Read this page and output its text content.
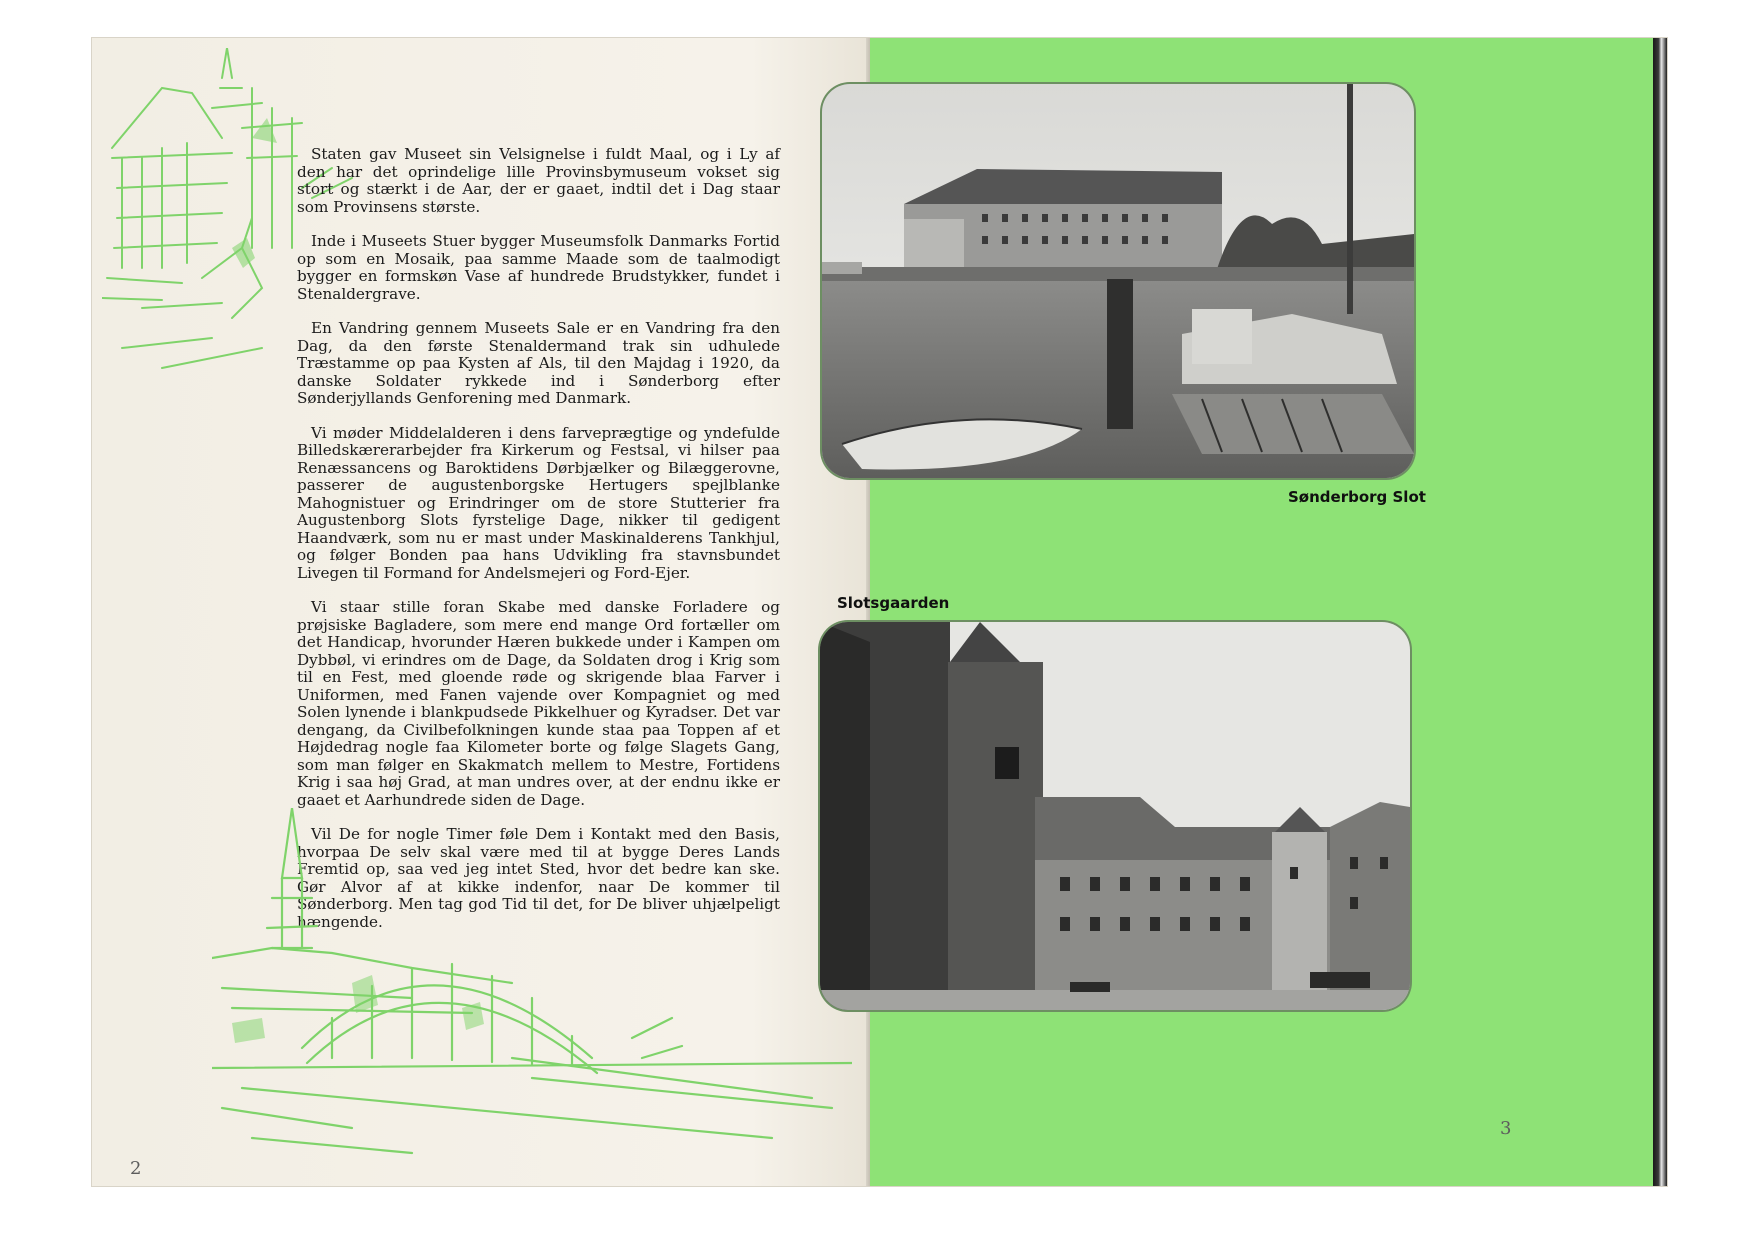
Staten gav Museet sin Velsignelse i fuldt Maal, og i Ly af den har det oprindelige lille Provinsbymuseum vokset sig stort og stærkt i de Aar, der er gaaet, indtil det i Dag staar som Provinsens største.

Inde i Museets Stuer bygger Museumsfolk Danmarks Fortid op som en Mosaik, paa samme Maade som de taalmodigt bygger en formskøn Vase af hundrede Brudstykker, fundet i Stenaldergrave.

En Vandring gennem Museets Sale er en Vandring fra den Dag, da den første Stenaldermand trak sin udhulede Træstamme op paa Kysten af Als, til den Majdag i 1920, da danske Soldater rykkede ind i Sønderborg efter Sønderjyllands Genforening med Danmark.

Vi møder Middelalderen i dens farveprægtige og yndefulde Billedskærerarbejder fra Kirkerum og Festsal, vi hilser paa Renæssancens og Baroktidens Dørbjælker og Bilæggerovne, passerer de augustenborgske Hertugers spejlblanke Mahognistuer og Erindringer om de store Stutterier fra Augustenborg Slots fyrstelige Dage, nikker til gedigent Haandværk, som nu er mast under Maskinalderens Tankhjul, og følger Bonden paa hans Udvikling fra stavnsbundet Livegen til Formand for Andelsmejeri og Ford-Ejer.

Vi staar stille foran Skabe med danske Forladere og prøjsiske Bagladere, som mere end mange Ord fortæller om det Handicap, hvorunder Hæren bukkede under i Kampen om Dybbøl, vi erindres om de Dage, da Soldaten drog i Krig som til en Fest, med gloende røde og skrigende blaa Farver i Uniformen, med Fanen vajende over Kompagniet og med Solen lynende i blankpudsede Pikkelhuer og Kyradser. Det var dengang, da Civilbefolkningen kunde staa paa Toppen af et Højdedrag nogle faa Kilometer borte og følge Slagets Gang, som man følger en Skakmatch mellem to Mestre, Fortidens Krig i saa høj Grad, at man undres over, at der endnu ikke er gaaet et Aarhundrede siden de Dage.

Vil De for nogle Timer føle Dem i Kontakt med den Basis, hvorpaa De selv skal være med til at bygge Deres Lands Fremtid op, saa ved jeg intet Sted, hvor det bedre kan ske. Gør Alvor af at kikke indenfor, naar De kommer til Sønderborg. Men tag god Tid til det, for De bliver uhjælpeligt hængende.

2
Sønderborg Slot
Slotsgaarden
3
